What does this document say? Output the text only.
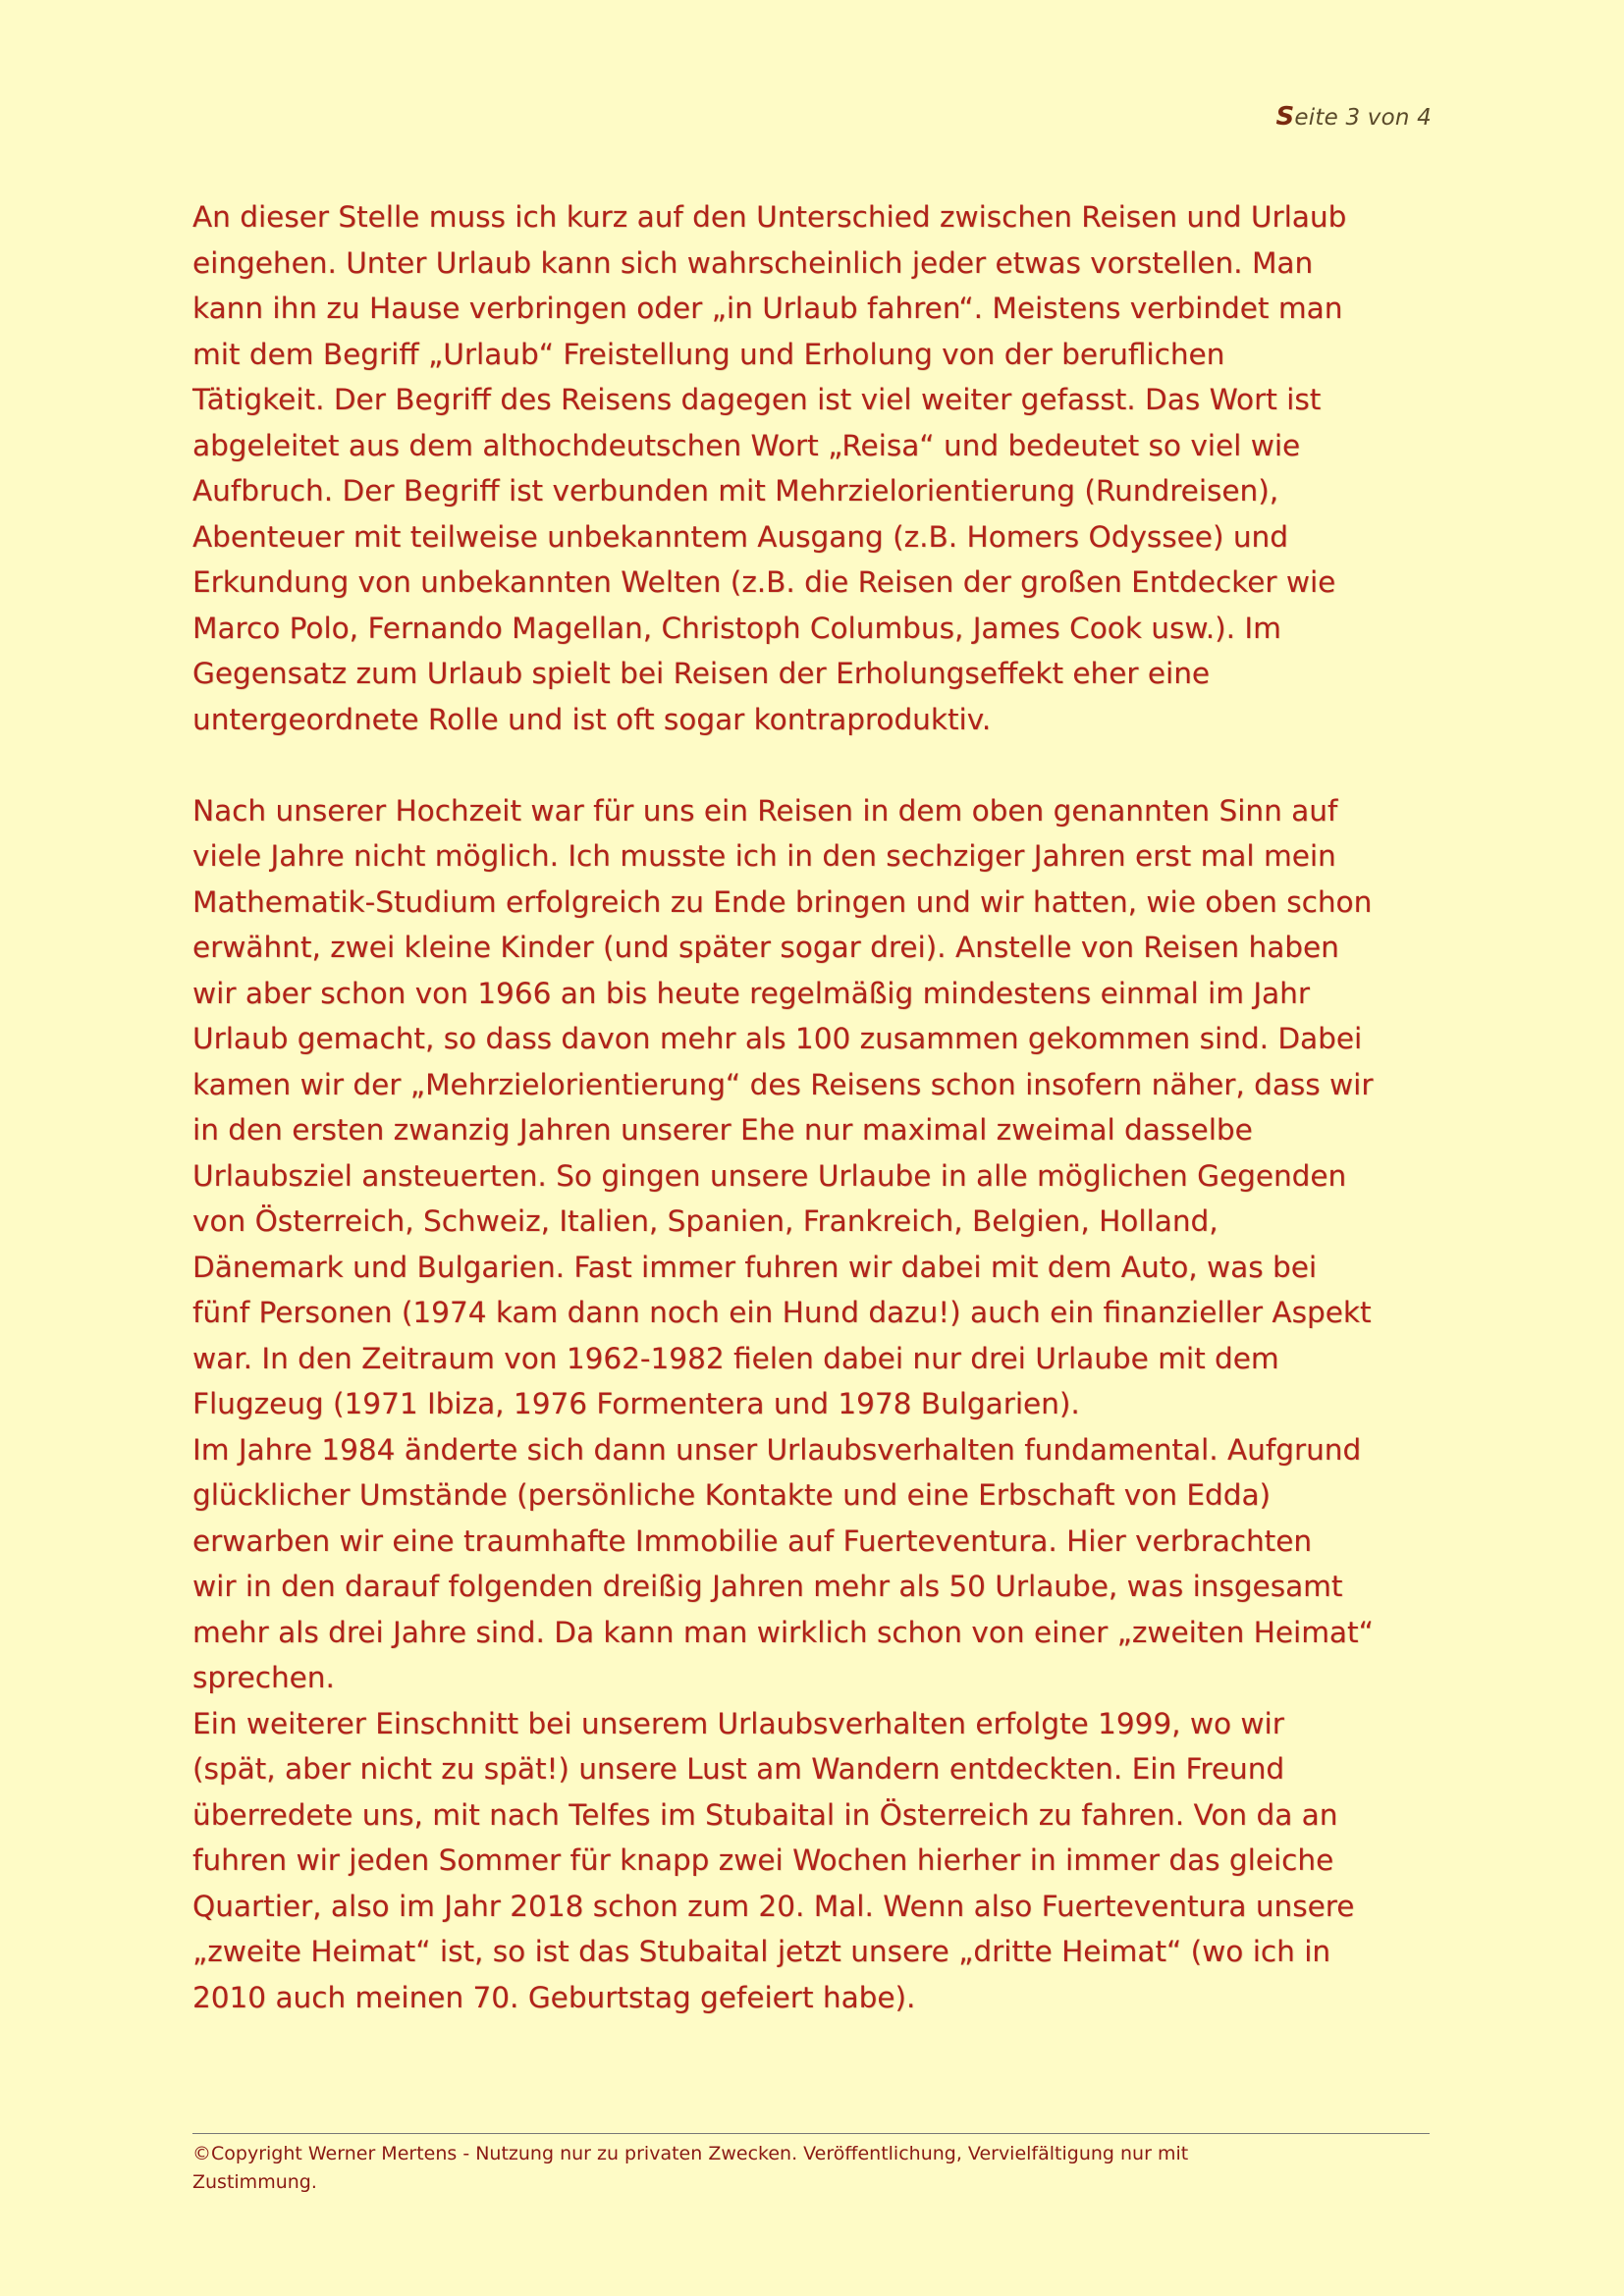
Seite 3 von 4

An dieser Stelle muss ich kurz auf den Unterschied zwischen Reisen und Urlaub
eingehen. Unter Urlaub kann sich wahrscheinlich jeder etwas vorstellen. Man
kann ihn zu Hause verbringen oder „in Urlaub fahren“. Meistens verbindet man
mit dem Begriff „Urlaub“ Freistellung und Erholung von der beruflichen
Tätigkeit. Der Begriff des Reisens dagegen ist viel weiter gefasst. Das Wort ist
abgeleitet aus dem althochdeutschen Wort „Reisa“ und bedeutet so viel wie
Aufbruch. Der Begriff ist verbunden mit Mehrzielorientierung (Rundreisen),
Abenteuer mit teilweise unbekanntem Ausgang (z.B. Homers Odyssee) und
Erkundung von unbekannten Welten (z.B. die Reisen der großen Entdecker wie
Marco Polo, Fernando Magellan, Christoph Columbus, James Cook usw.). Im
Gegensatz zum Urlaub spielt bei Reisen der Erholungseffekt eher eine
untergeordnete Rolle und ist oft sogar kontraproduktiv.

Nach unserer Hochzeit war für uns ein Reisen in dem oben genannten Sinn auf
viele Jahre nicht möglich. Ich musste ich in den sechziger Jahren erst mal mein
Mathematik-Studium erfolgreich zu Ende bringen und wir hatten, wie oben schon
erwähnt, zwei kleine Kinder (und später sogar drei). Anstelle von Reisen haben
wir aber schon von 1966 an bis heute regelmäßig mindestens einmal im Jahr
Urlaub gemacht, so dass davon mehr als 100 zusammen gekommen sind. Dabei
kamen wir der „Mehrzielorientierung“ des Reisens schon insofern näher, dass wir
in den ersten zwanzig Jahren unserer Ehe nur maximal zweimal dasselbe
Urlaubsziel ansteuerten. So gingen unsere Urlaube in alle möglichen Gegenden
von Österreich, Schweiz, Italien, Spanien, Frankreich, Belgien, Holland,
Dänemark und Bulgarien. Fast immer fuhren wir dabei mit dem Auto, was bei
fünf Personen (1974 kam dann noch ein Hund dazu!) auch ein finanzieller Aspekt
war. In den Zeitraum von 1962-1982 fielen dabei nur drei Urlaube mit dem
Flugzeug (1971 Ibiza, 1976 Formentera und 1978 Bulgarien).

Im Jahre 1984 änderte sich dann unser Urlaubsverhalten fundamental. Aufgrund
glücklicher Umstände (persönliche Kontakte und eine Erbschaft von Edda)
erwarben wir eine traumhafte Immobilie auf Fuerteventura. Hier verbrachten
wir in den darauf folgenden dreißig Jahren mehr als 50 Urlaube, was insgesamt
mehr als drei Jahre sind. Da kann man wirklich schon von einer „zweiten Heimat“
sprechen.

Ein weiterer Einschnitt bei unserem Urlaubsverhalten erfolgte 1999, wo wir
(spät, aber nicht zu spät!) unsere Lust am Wandern entdeckten. Ein Freund
überredete uns, mit nach Telfes im Stubaital in Österreich zu fahren. Von da an
fuhren wir jeden Sommer für knapp zwei Wochen hierher in immer das gleiche
Quartier, also im Jahr 2018 schon zum 20. Mal. Wenn also Fuerteventura unsere
„zweite Heimat“ ist, so ist das Stubaital jetzt unsere „dritte Heimat“ (wo ich in
2010 auch meinen 70. Geburtstag gefeiert habe).

©Copyright Werner Mertens - Nutzung nur zu privaten Zwecken. Veröffentlichung, Vervielfältigung nur mit
Zustimmung.
